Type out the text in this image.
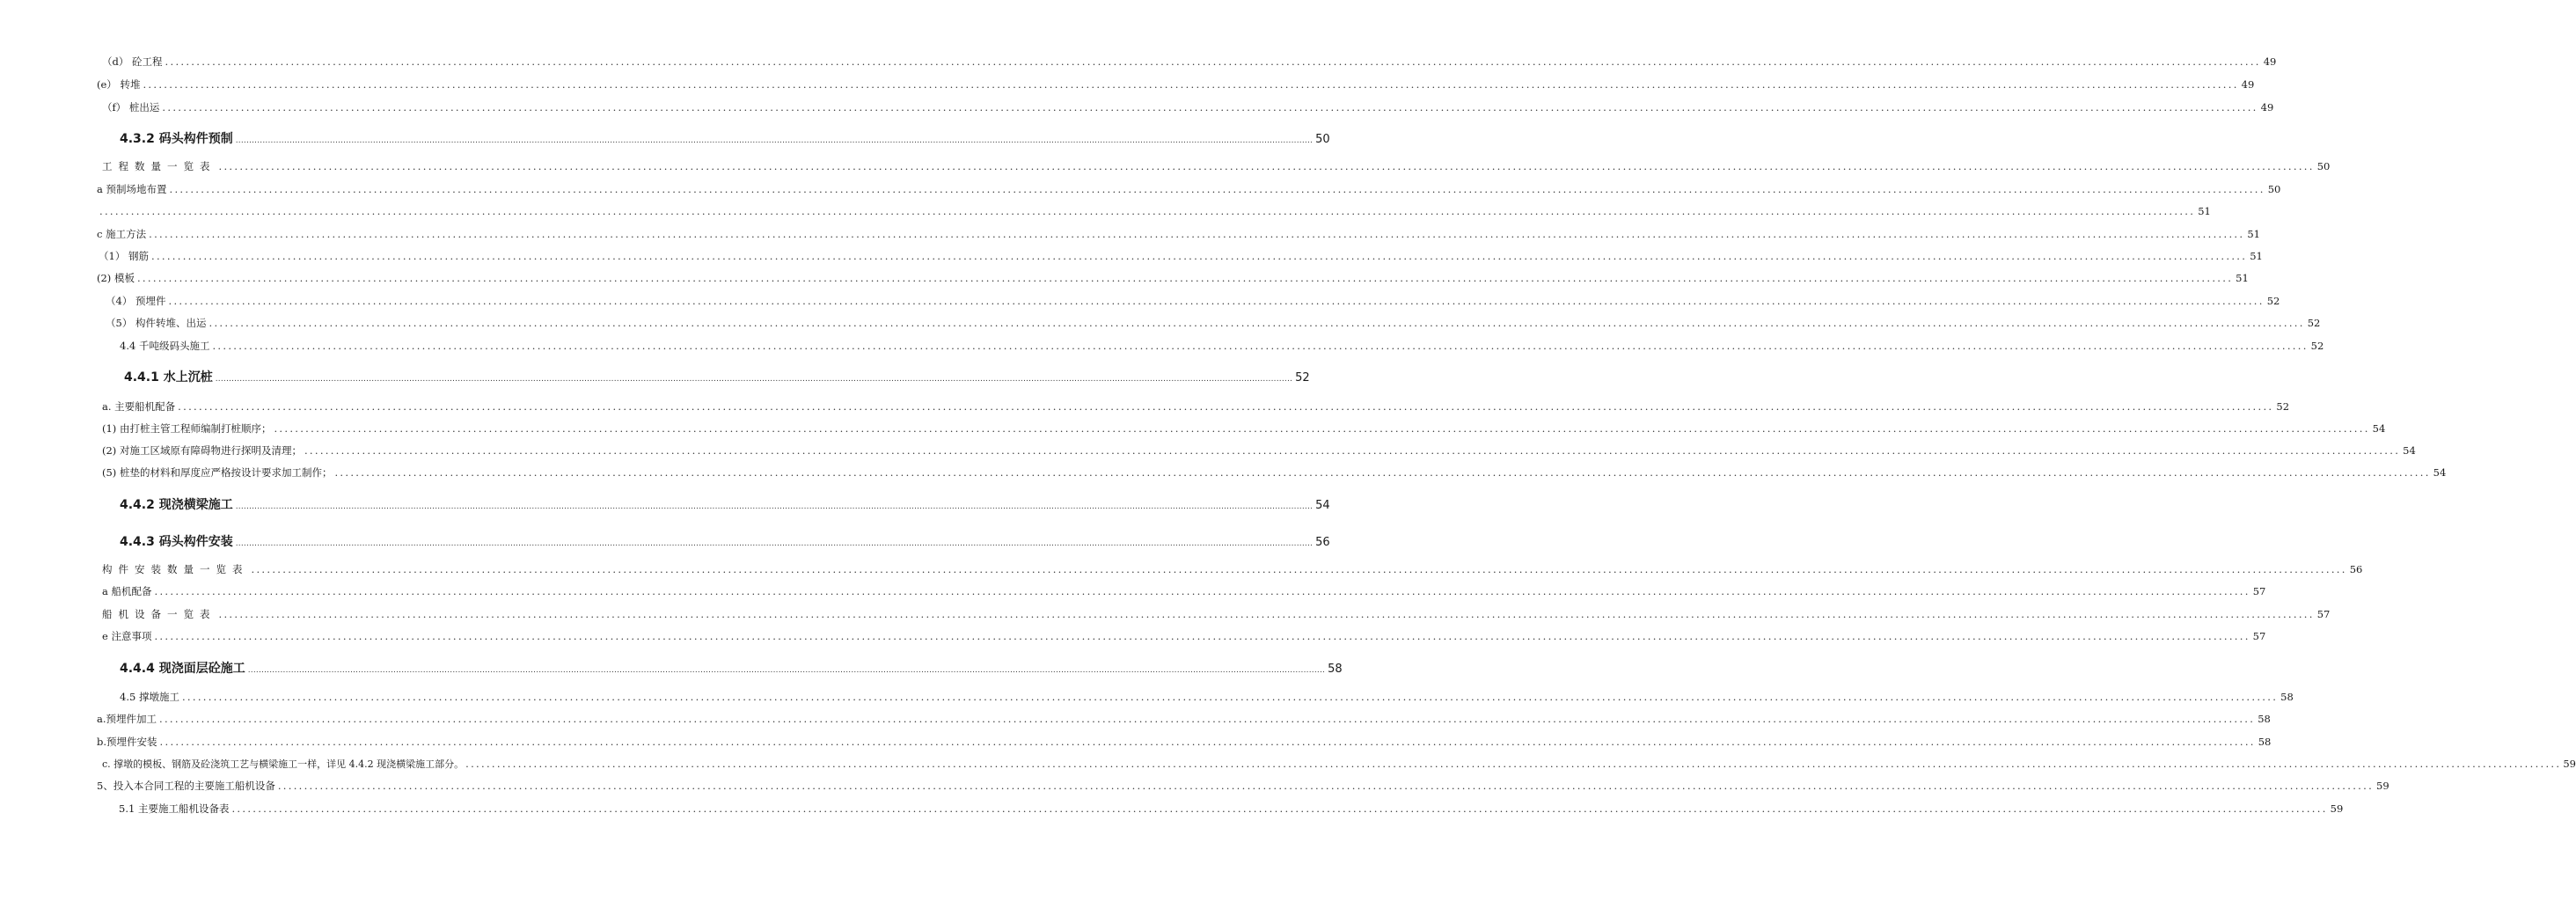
（d） 砼工程 ................................................................................................................................................................................................................................................................................................................................................................................................................ 49
(e） 转堆 ................................................................................................................................................................................................................................................................................................................................................................................................................ 49
（f） 桩出运 ................................................................................................................................................................................................................................................................................................................................................................................................................ 49
4.3.2 码头构件预制 ................................................................................................................................................................................................................................................................................................................................................................................................................ 50
工程数量一览表 ................................................................................................................................................................................................................................................................................................................................................................................................................ 50
a 预制场地布置 ................................................................................................................................................................................................................................................................................................................................................................................................................ 50
................................................................................................................................................................................................................................................................................................................................................................................................................ 51
c 施工方法 ................................................................................................................................................................................................................................................................................................................................................................................................................ 51
（1） 钢筋 ................................................................................................................................................................................................................................................................................................................................................................................................................ 51
(2) 模板 ................................................................................................................................................................................................................................................................................................................................................................................................................ 51
（4） 预埋件 ................................................................................................................................................................................................................................................................................................................................................................................................................ 52
（5） 构件转堆、出运 ................................................................................................................................................................................................................................................................................................................................................................................................................ 52
4.4 千吨级码头施工 ................................................................................................................................................................................................................................................................................................................................................................................................................ 52
4.4.1 水上沉桩 ................................................................................................................................................................................................................................................................................................................................................................................................................ 52
a. 主要船机配备 ................................................................................................................................................................................................................................................................................................................................................................................................................ 52
(1) 由打桩主管工程师编制打桩顺序； ................................................................................................................................................................................................................................................................................................................................................................................................................ 54
(2) 对施工区域原有障碍物进行探明及清理； ................................................................................................................................................................................................................................................................................................................................................................................................................ 54
(5) 桩垫的材料和厚度应严格按设计要求加工制作； ................................................................................................................................................................................................................................................................................................................................................................................................................ 54
4.4.2 现浇横梁施工 ................................................................................................................................................................................................................................................................................................................................................................................................................ 54
4.4.3 码头构件安装 ................................................................................................................................................................................................................................................................................................................................................................................................................ 56
构件安装数量一览表 ................................................................................................................................................................................................................................................................................................................................................................................................................ 56
a 船机配备 ................................................................................................................................................................................................................................................................................................................................................................................................................ 57
船机设备一览表 ................................................................................................................................................................................................................................................................................................................................................................................................................ 57
e 注意事项 ................................................................................................................................................................................................................................................................................................................................................................................................................ 57
4.4.4 现浇面层砼施工 ................................................................................................................................................................................................................................................................................................................................................................................................................ 58
4.5 撑墩施工 ................................................................................................................................................................................................................................................................................................................................................................................................................ 58
a.预埋件加工 ................................................................................................................................................................................................................................................................................................................................................................................................................ 58
b.预埋件安装 ................................................................................................................................................................................................................................................................................................................................................................................................................ 58
c. 撑墩的模板、钢筋及砼浇筑工艺与横梁施工一样，详见 4.4.2 现浇横梁施工部分。 ................................................................................................................................................................................................................................................................................................................................................................................................................ 59
5、投入本合同工程的主要施工船机设备 ................................................................................................................................................................................................................................................................................................................................................................................................................ 59
5.1 主要施工船机设备表 ................................................................................................................................................................................................................................................................................................................................................................................................................ 59
